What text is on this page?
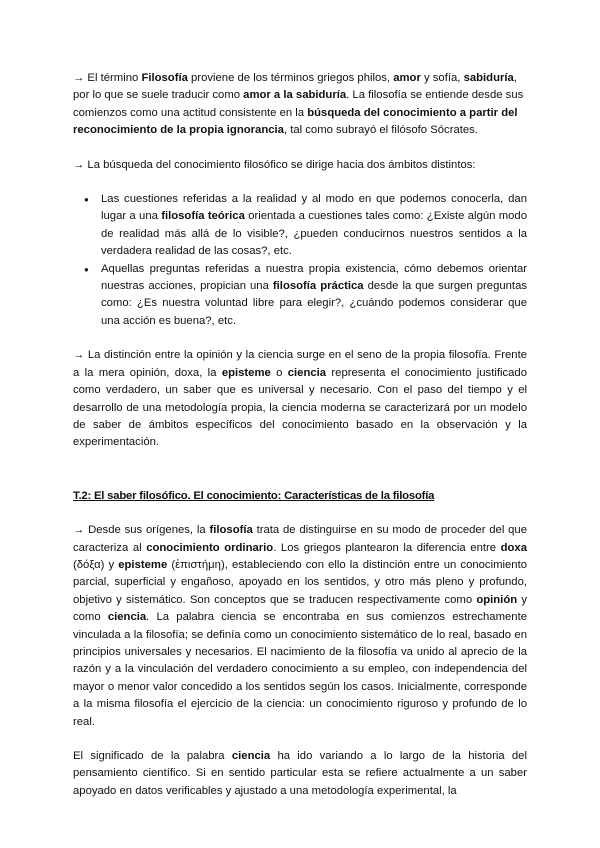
→ El término Filosofía proviene de los términos griegos philos, amor y sofía, sabiduría, por lo que se suele traducir como amor a la sabiduría. La filosofía se entiende desde sus comienzos como una actitud consistente en la búsqueda del conocimiento a partir del reconocimiento de la propia ignorancia, tal como subrayó el filósofo Sócrates.

→ La búsqueda del conocimiento filosófico se dirige hacia dos ámbitos distintos:

● Las cuestiones referidas a la realidad y al modo en que podemos conocerla, dan lugar a una filosofía teórica orientada a cuestiones tales como: ¿Existe algún modo de realidad más allá de lo visible?, ¿pueden conducirnos nuestros sentidos a la verdadera realidad de las cosas?, etc.
● Aquellas preguntas referidas a nuestra propia existencia, cómo debemos orientar nuestras acciones, propician una filosofía práctica desde la que surgen preguntas como: ¿Es nuestra voluntad libre para elegir?, ¿cuándo podemos considerar que una acción es buena?, etc.

→ La distinción entre la opinión y la ciencia surge en el seno de la propia filosofía. Frente a la mera opinión, doxa, la episteme o ciencia representa el conocimiento justificado como verdadero, un saber que es universal y necesario. Con el paso del tiempo y el desarrollo de una metodología propia, la ciencia moderna se caracterizará por un modelo de saber de ámbitos específicos del conocimiento basado en la observación y la experimentación.

T.2: El saber filosófico. El conocimiento: Características de la filosofía

→ Desde sus orígenes, la filosofía trata de distinguirse en su modo de proceder del que caracteriza al conocimiento ordinario. Los griegos plantearon la diferencia entre doxa (δόξα) y episteme (ἐπιστήμη), estableciendo con ello la distinción entre un conocimiento parcial, superficial y engañoso, apoyado en los sentidos, y otro más pleno y profundo, objetivo y sistemático. Son conceptos que se traducen respectivamente como opinión y como ciencia. La palabra ciencia se encontraba en sus comienzos estrechamente vinculada a la filosofía; se definía como un conocimiento sistemático de lo real, basado en principios universales y necesarios. El nacimiento de la filosofía va unido al aprecio de la razón y a la vinculación del verdadero conocimiento a su empleo, con independencia del mayor o menor valor concedido a los sentidos según los casos. Inicialmente, corresponde a la misma filosofía el ejercicio de la ciencia: un conocimiento riguroso y profundo de lo real.

El significado de la palabra ciencia ha ido variando a lo largo de la historia del pensamiento científico. Si en sentido particular esta se refiere actualmente a un saber apoyado en datos verificables y ajustado a una metodología experimental, la
